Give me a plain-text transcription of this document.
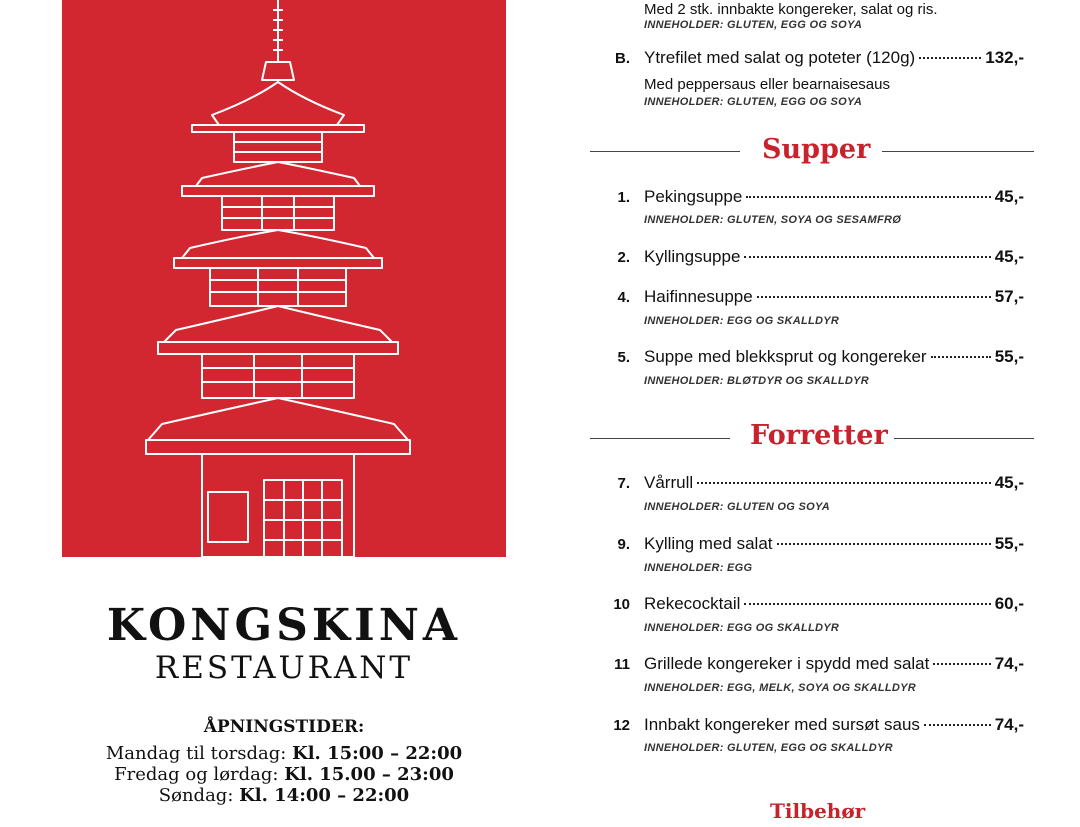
KONGSKINA
RESTAURANT
ÅPNINGSTIDER:
Mandag til torsdag: Kl. 15:00 – 22:00
Fredag og lørdag: Kl. 15.00 – 23:00
Søndag: Kl. 14:00 – 22:00
Med 2 stk. innbakte kongereker, salat og ris.
INNEHOLDER: GLUTEN, EGG OG SOYA
B. Ytrefilet med salat og poteter (120g)	132,-
Med peppersaus eller bearnaisesaus
INNEHOLDER: GLUTEN, EGG OG SOYA
Supper
1. Pekingsuppe	45,-
INNEHOLDER: GLUTEN, SOYA OG SESAMFRØ
2. Kyllingsuppe	45,-
4. Haifinnesuppe	57,-
INNEHOLDER: EGG OG SKALLDYR
5. Suppe med blekksprut og kongereker	55,-
INNEHOLDER: BLØTDYR OG SKALLDYR
Forretter
7. Vårrull	45,-
INNEHOLDER: GLUTEN OG SOYA
9. Kylling med salat	55,-
INNEHOLDER: EGG
10 Rekecocktail	60,-
INNEHOLDER: EGG OG SKALLDYR
11 Grillede kongereker i spydd med salat	74,-
INNEHOLDER: EGG, MELK, SOYA OG SKALLDYR
12 Innbakt kongereker med sursøt saus	74,-
INNEHOLDER: GLUTEN, EGG OG SKALLDYR
Tilbehør
